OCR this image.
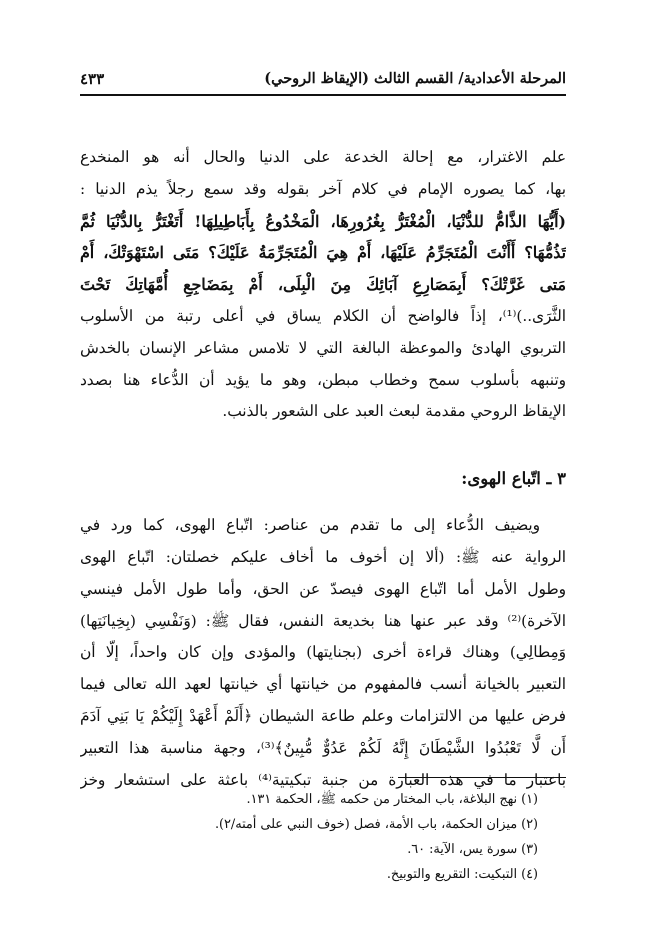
المرحلة الأعدادية/ القسم الثالث (الإيقاظ الروحي)
٤٣٣
علم الاغترار، مع إحالة الخدعة على الدنيا والحال أنه هو المنخدع
بها، كما يصوره الإمام في كلام آخر بقوله وقد سمع رجلاً يذم الدنيا :
(أَيُّهَا الذَّامُّ للدُّنْيَا، الْمُغْتَرُّ بِغُرُورِهَا، الْمَخْدُوعُ بِأَبَاطِيلِهَا! أَتَغْتَرُّ بِالدُّنْيَا ثُمَّ
تَذُمُّهَا؟ أَأَنْتَ الْمُتَجَرِّمُ عَلَيْهَا، أَمْ هِيَ الْمُتَجَرِّمَةُ عَلَيْكَ؟ مَتَى اسْتَهْوَتْكَ، أَمْ
مَتى غَرَّتْكَ؟ أَبِمَصَارِعِ آبَائِكَ مِنَ الْبِلَى، أَمْ بِمَضَاجِعِ أُمَّهَاتِكَ تَحْتَ
الثَّرَى..)⁽¹⁾، إذاً فالواضح أن الكلام يساق في أعلى رتبة من الأسلوب
التربوي الهادئ والموعظة البالغة التي لا تلامس مشاعر الإنسان بالخدش
وتنبهه بأسلوب سمح وخطاب مبطن، وهو ما يؤيد أن الدُّعاء هنا بصدد
الإيقاظ الروحي مقدمة لبعث العبد على الشعور بالذنب.
٣ ـ اتّباع الهوى:
ويضيف الدُّعاء إلى ما تقدم من عناصر: اتّباع الهوى، كما ورد في
الرواية عنه ﷺ: (ألا إن أخوف ما أخاف عليكم خصلتان: اتّباع الهوى
وطول الأمل أما اتّباع الهوى فيصدّ عن الحق، وأما طول الأمل فينسي
الآخرة)⁽²⁾ وقد عبر عنها هنا بخديعة النفس، فقال ﷺ: (وَنَفْسِي (بِخِيانَتِها)
وَمِطالِي) وهناك قراءة أخرى (بجنايتها) والمؤدى وإن كان واحداً، إلّا أن
التعبير بالخيانة أنسب فالمفهوم من خيانتها أي خيانتها لعهد الله تعالى فيما
فرض عليها من الالتزامات وعلم طاعة الشيطان ﴿أَلَمْ أَعْهَدْ إِلَيْكُمْ يَا بَنِي آدَمَ
أَن لَّا تَعْبُدُوا الشَّيْطَانَ إِنَّهُ لَكُمْ عَدُوٌّ مُّبِينٌ﴾⁽³⁾، وجهة مناسبة هذا التعبير
باعتبار ما في هذه العبارة من جنبة تبكيتية⁽⁴⁾ باعثة على استشعار وخز
(١) نهج البلاغة، باب المختار من حكمه ﷺ، الحكمة ١٣١.
(٢) ميزان الحكمة، باب الأمة، فصل (خوف النبي على أمته/٢).
(٣) سورة يس، الآية: ٦٠.
(٤) التبكيت: التقريع والتوبيخ.
